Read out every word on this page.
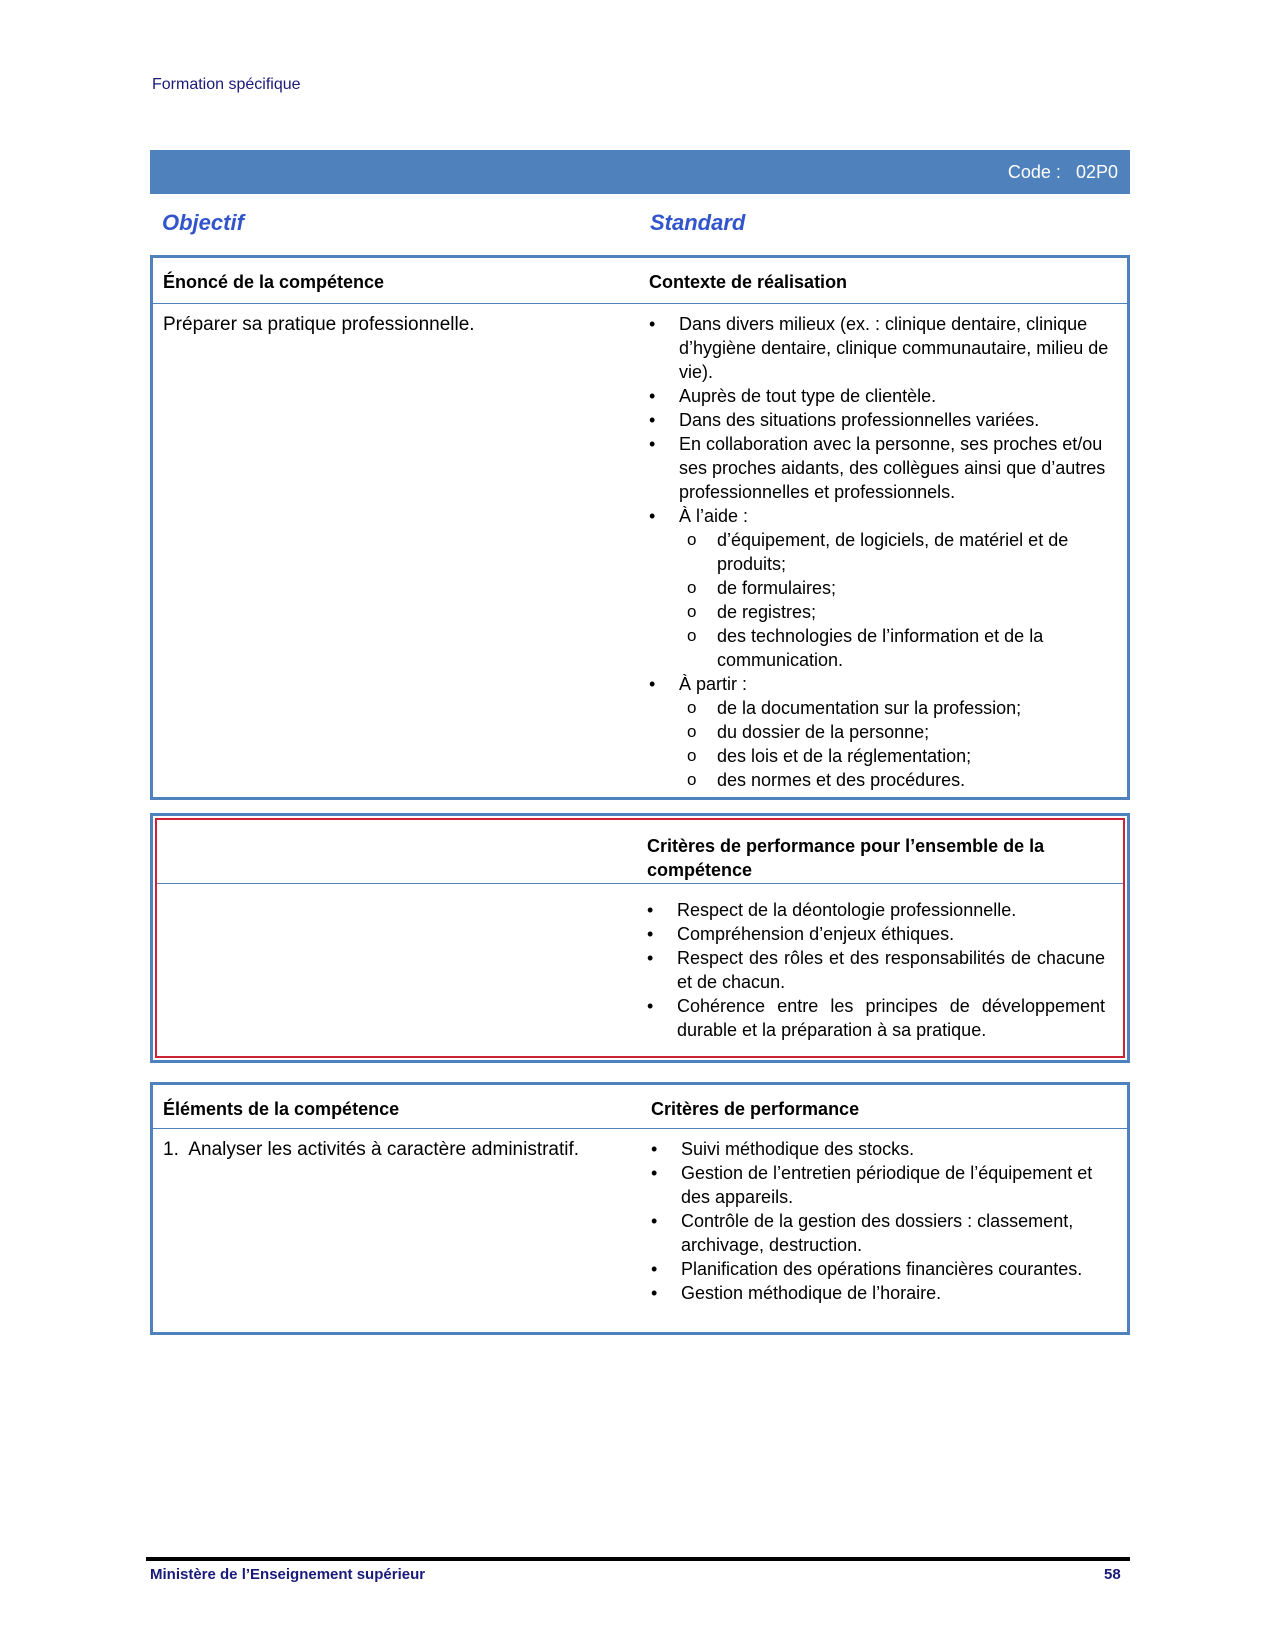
Formation spécifique
Code : 02P0
Objectif	Standard
Énoncé de la compétence	Contexte de réalisation
Préparer sa pratique professionnelle.	• Dans divers milieux (ex. : clinique dentaire, clinique d’hygiène dentaire, clinique communautaire, milieu de vie).
• Auprès de tout type de clientèle.
• Dans des situations professionnelles variées.
• En collaboration avec la personne, ses proches et/ou ses proches aidants, des collègues ainsi que d’autres professionnelles et professionnels.
• À l’aide :
o d’équipement, de logiciels, de matériel et de produits;
o de formulaires;
o de registres;
o des technologies de l’information et de la communication.
• À partir :
o de la documentation sur la profession;
o du dossier de la personne;
o des lois et de la réglementation;
o des normes et des procédures.
Critères de performance pour l’ensemble de la compétence
• Respect de la déontologie professionnelle.
• Compréhension d’enjeux éthiques.
• Respect des rôles et des responsabilités de chacune et de chacun.
• Cohérence entre les principes de développement durable et la préparation à sa pratique.
Éléments de la compétence	Critères de performance
1.  Analyser les activités à caractère administratif.	• Suivi méthodique des stocks.
• Gestion de l’entretien périodique de l’équipement et des appareils.
• Contrôle de la gestion des dossiers : classement, archivage, destruction.
• Planification des opérations financières courantes.
• Gestion méthodique de l’horaire.
Ministère de l’Enseignement supérieur	58
